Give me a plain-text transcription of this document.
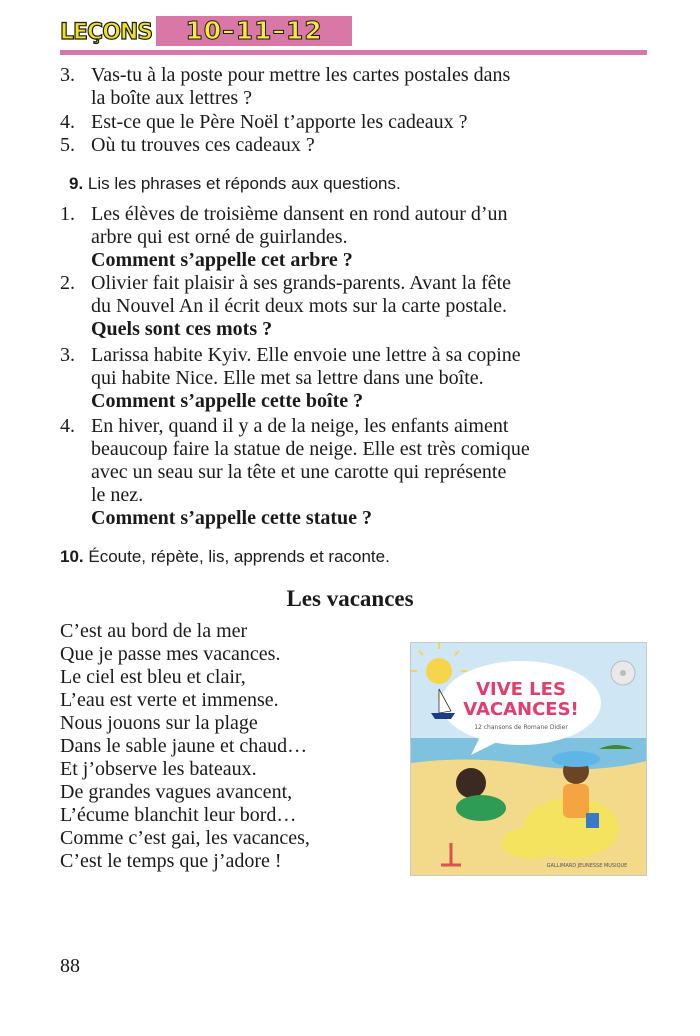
LEÇONS	10–11–12
3. Vas-tu à la poste pour mettre les cartes postales dans
la boîte aux lettres ?
4. Est-ce que le Père Noël t’apporte les cadeaux ?
5. Où tu trouves ces cadeaux ?
9. Lis les phrases et réponds aux questions.
1. Les élèves de troisième dansent en rond autour d’un
arbre qui est orné de guirlandes.
Comment s’appelle cet arbre ?
2. Olivier fait plaisir à ses grands-parents. Avant la fête
du Nouvel An il écrit deux mots sur la carte postale.
Quels sont ces mots ?
3. Larissa habite Kyiv. Elle envoie une lettre à sa copine
qui habite Nice. Elle met sa lettre dans une boîte.
Comment s’appelle cette boîte ?
4. En hiver, quand il y a de la neige, les enfants aiment
beaucoup faire la statue de neige. Elle est très comique
avec un seau sur la tête et une carotte qui représente
le nez.
Comment s’appelle cette statue ?
10. Écoute, répète, lis, apprends et raconte.
Les vacances
C’est au bord de la mer
Que je passe mes vacances.
Le ciel est bleu et clair,
L’eau est verte et immense.
Nous jouons sur la plage
Dans le sable jaune et chaud…
Et j’observe les bateaux.
De grandes vagues avancent,
L’écume blanchit leur bord…
Comme c’est gai, les vacances,
C’est le temps que j’adore !
VIVE LES
VACANCES!
12 chansons de Romane Didier
GALLIMARD JEUNESSE MUSIQUE
88
